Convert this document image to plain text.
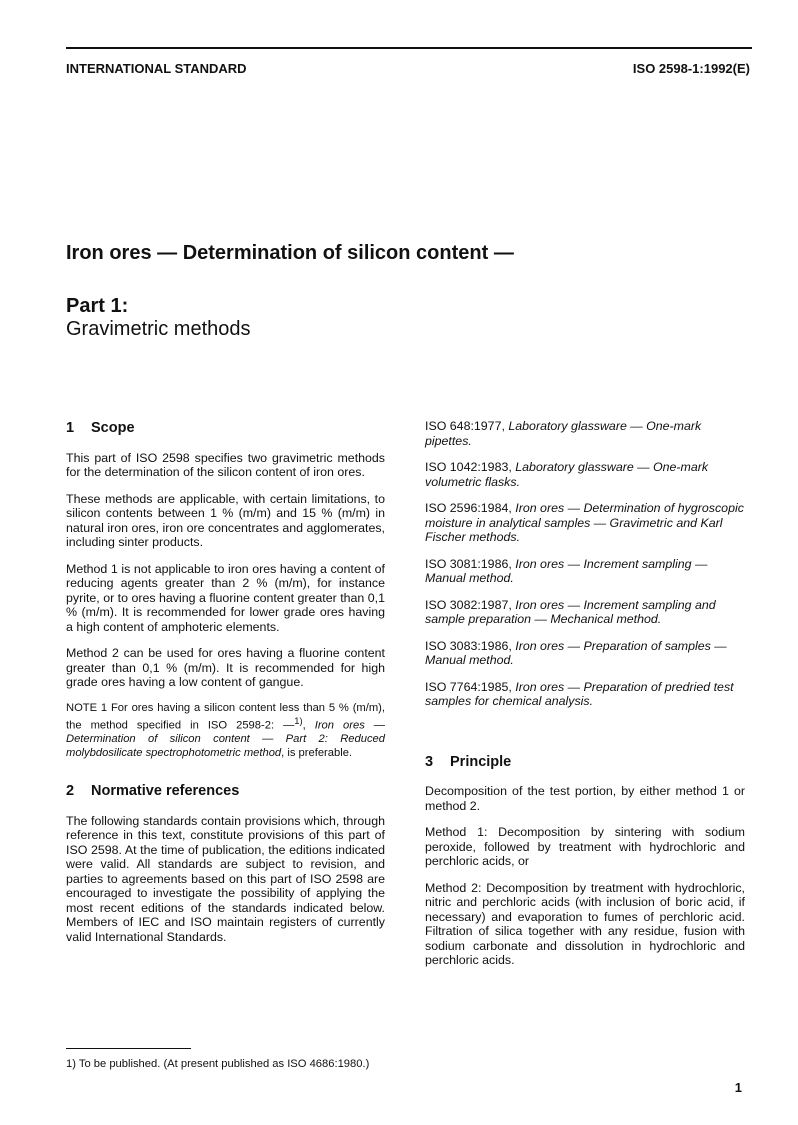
INTERNATIONAL STANDARD	ISO 2598-1:1992(E)
Iron ores — Determination of silicon content —
Part 1:
Gravimetric methods
1 Scope

This part of ISO 2598 specifies two gravimetric methods for the determination of the silicon content of iron ores.

These methods are applicable, with certain limitations, to silicon contents between 1 % (m/m) and 15 % (m/m) in natural iron ores, iron ore concentrates and agglomerates, including sinter products.

Method 1 is not applicable to iron ores having a content of reducing agents greater than 2 % (m/m), for instance pyrite, or to ores having a fluorine content greater than 0,1 % (m/m). It is recommended for lower grade ores having a high content of amphoteric elements.

Method 2 can be used for ores having a fluorine content greater than 0,1 % (m/m). It is recommended for high grade ores having a low content of gangue.

NOTE 1 For ores having a silicon content less than 5 % (m/m), the method specified in ISO 2598-2: —$^{1)}$, Iron ores — Determination of silicon content — Part 2: Reduced molybdosilicate spectrophotometric method, is preferable.

2 Normative references

The following standards contain provisions which, through reference in this text, constitute provisions of this part of ISO 2598. At the time of publication, the editions indicated were valid. All standards are subject to revision, and parties to agreements based on this part of ISO 2598 are encouraged to investigate the possibility of applying the most recent editions of the standards indicated below. Members of IEC and ISO maintain registers of currently valid International Standards.

ISO 648:1977, Laboratory glassware — One-mark pipettes.

ISO 1042:1983, Laboratory glassware — One-mark volumetric flasks.

ISO 2596:1984, Iron ores — Determination of hygroscopic moisture in analytical samples — Gravimetric and Karl Fischer methods.

ISO 3081:1986, Iron ores — Increment sampling — Manual method.

ISO 3082:1987, Iron ores — Increment sampling and sample preparation — Mechanical method.

ISO 3083:1986, Iron ores — Preparation of samples — Manual method.

ISO 7764:1985, Iron ores — Preparation of predried test samples for chemical analysis.

3 Principle

Decomposition of the test portion, by either method 1 or method 2.

Method 1: Decomposition by sintering with sodium peroxide, followed by treatment with hydrochloric and perchloric acids, or

Method 2: Decomposition by treatment with hydrochloric, nitric and perchloric acids (with inclusion of boric acid, if necessary) and evaporation to fumes of perchloric acid. Filtration of silica together with any residue, fusion with sodium carbonate and dissolution in hydrochloric and perchloric acids.

1) To be published. (At present published as ISO 4686:1980.)
1
